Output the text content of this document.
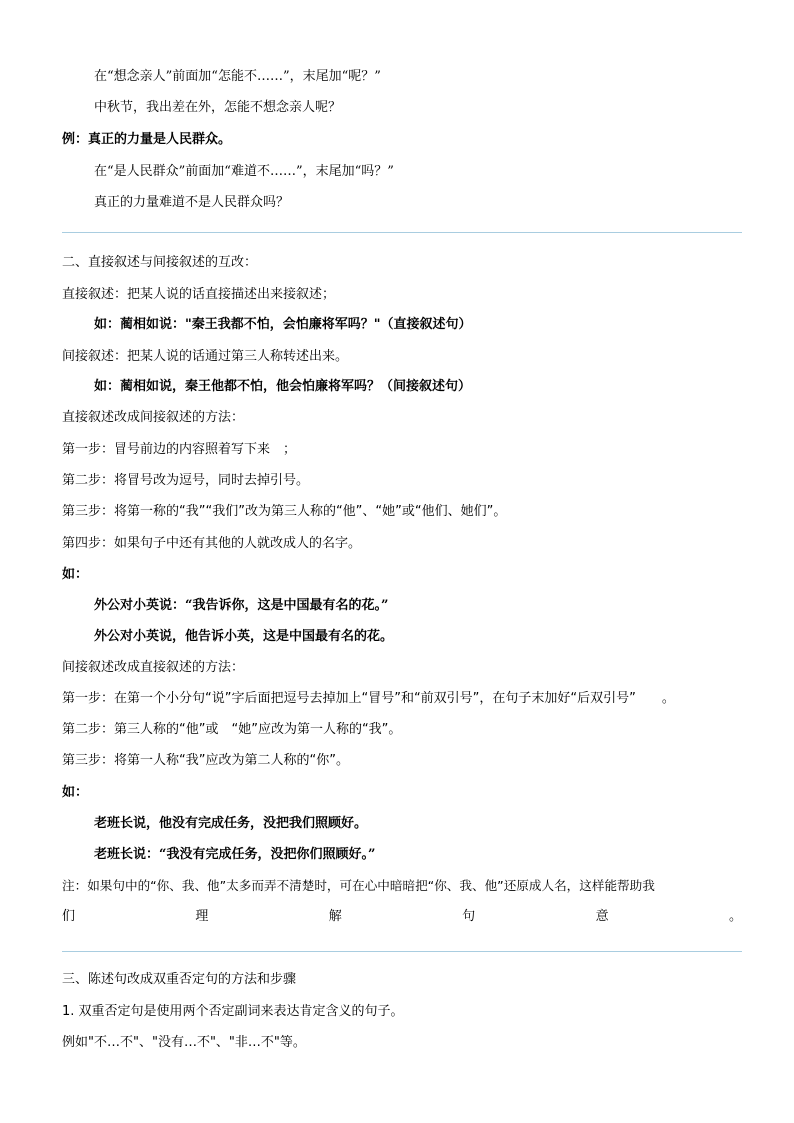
在“想念亲人”前面加“怎能不……”，末尾加“呢？”
中秋节，我出差在外，怎能不想念亲人呢？
例：真正的力量是人民群众。
在“是人民群众”前面加“难道不……”，末尾加“吗？”
真正的力量难道不是人民群众吗？
二、直接叙述与间接叙述的互改：
直接叙述：把某人说的话直接描述出来接叙述；
如：蔺相如说："秦王我都不怕，会怕廉将军吗？"（直接叙述句）
间接叙述：把某人说的话通过第三人称转述出来。
如：蔺相如说，秦王他都不怕，他会怕廉将军吗？（间接叙述句）
直接叙述改成间接叙述的方法：
第一步：冒号前边的内容照着写下来　；
第二步：将冒号改为逗号，同时去掉引号。
第三步：将第一称的“我”“我们”改为第三人称的“他”、“她”或“他们、她们”。
第四步：如果句子中还有其他的人就改成人的名字。
如：
外公对小英说：“我告诉你，这是中国最有名的花。”
外公对小英说，他告诉小英，这是中国最有名的花。
间接叙述改成直接叙述的方法：
第一步：在第一个小分句“说”字后面把逗号去掉加上“冒号”和“前双引号”，在句子末加好“后双引号”　　。
第二步：第三人称的“他”或　“她”应改为第一人称的“我”。
第三步：将第一人称“我”应改为第二人称的“你”。
如：
老班长说，他没有完成任务，没把我们照顾好。
老班长说：“我没有完成任务，没把你们照顾好。”
注：如果句中的“你、我、他”太多而弄不清楚时，可在心中暗暗把“你、我、他”还原成人名，这样能帮助我
们	理	解	句	意	。
三、陈述句改成双重否定句的方法和步骤
1. 双重否定句是使用两个否定副词来表达肯定含义的句子。
例如"不…不"、"没有…不"、"非…不"等。
